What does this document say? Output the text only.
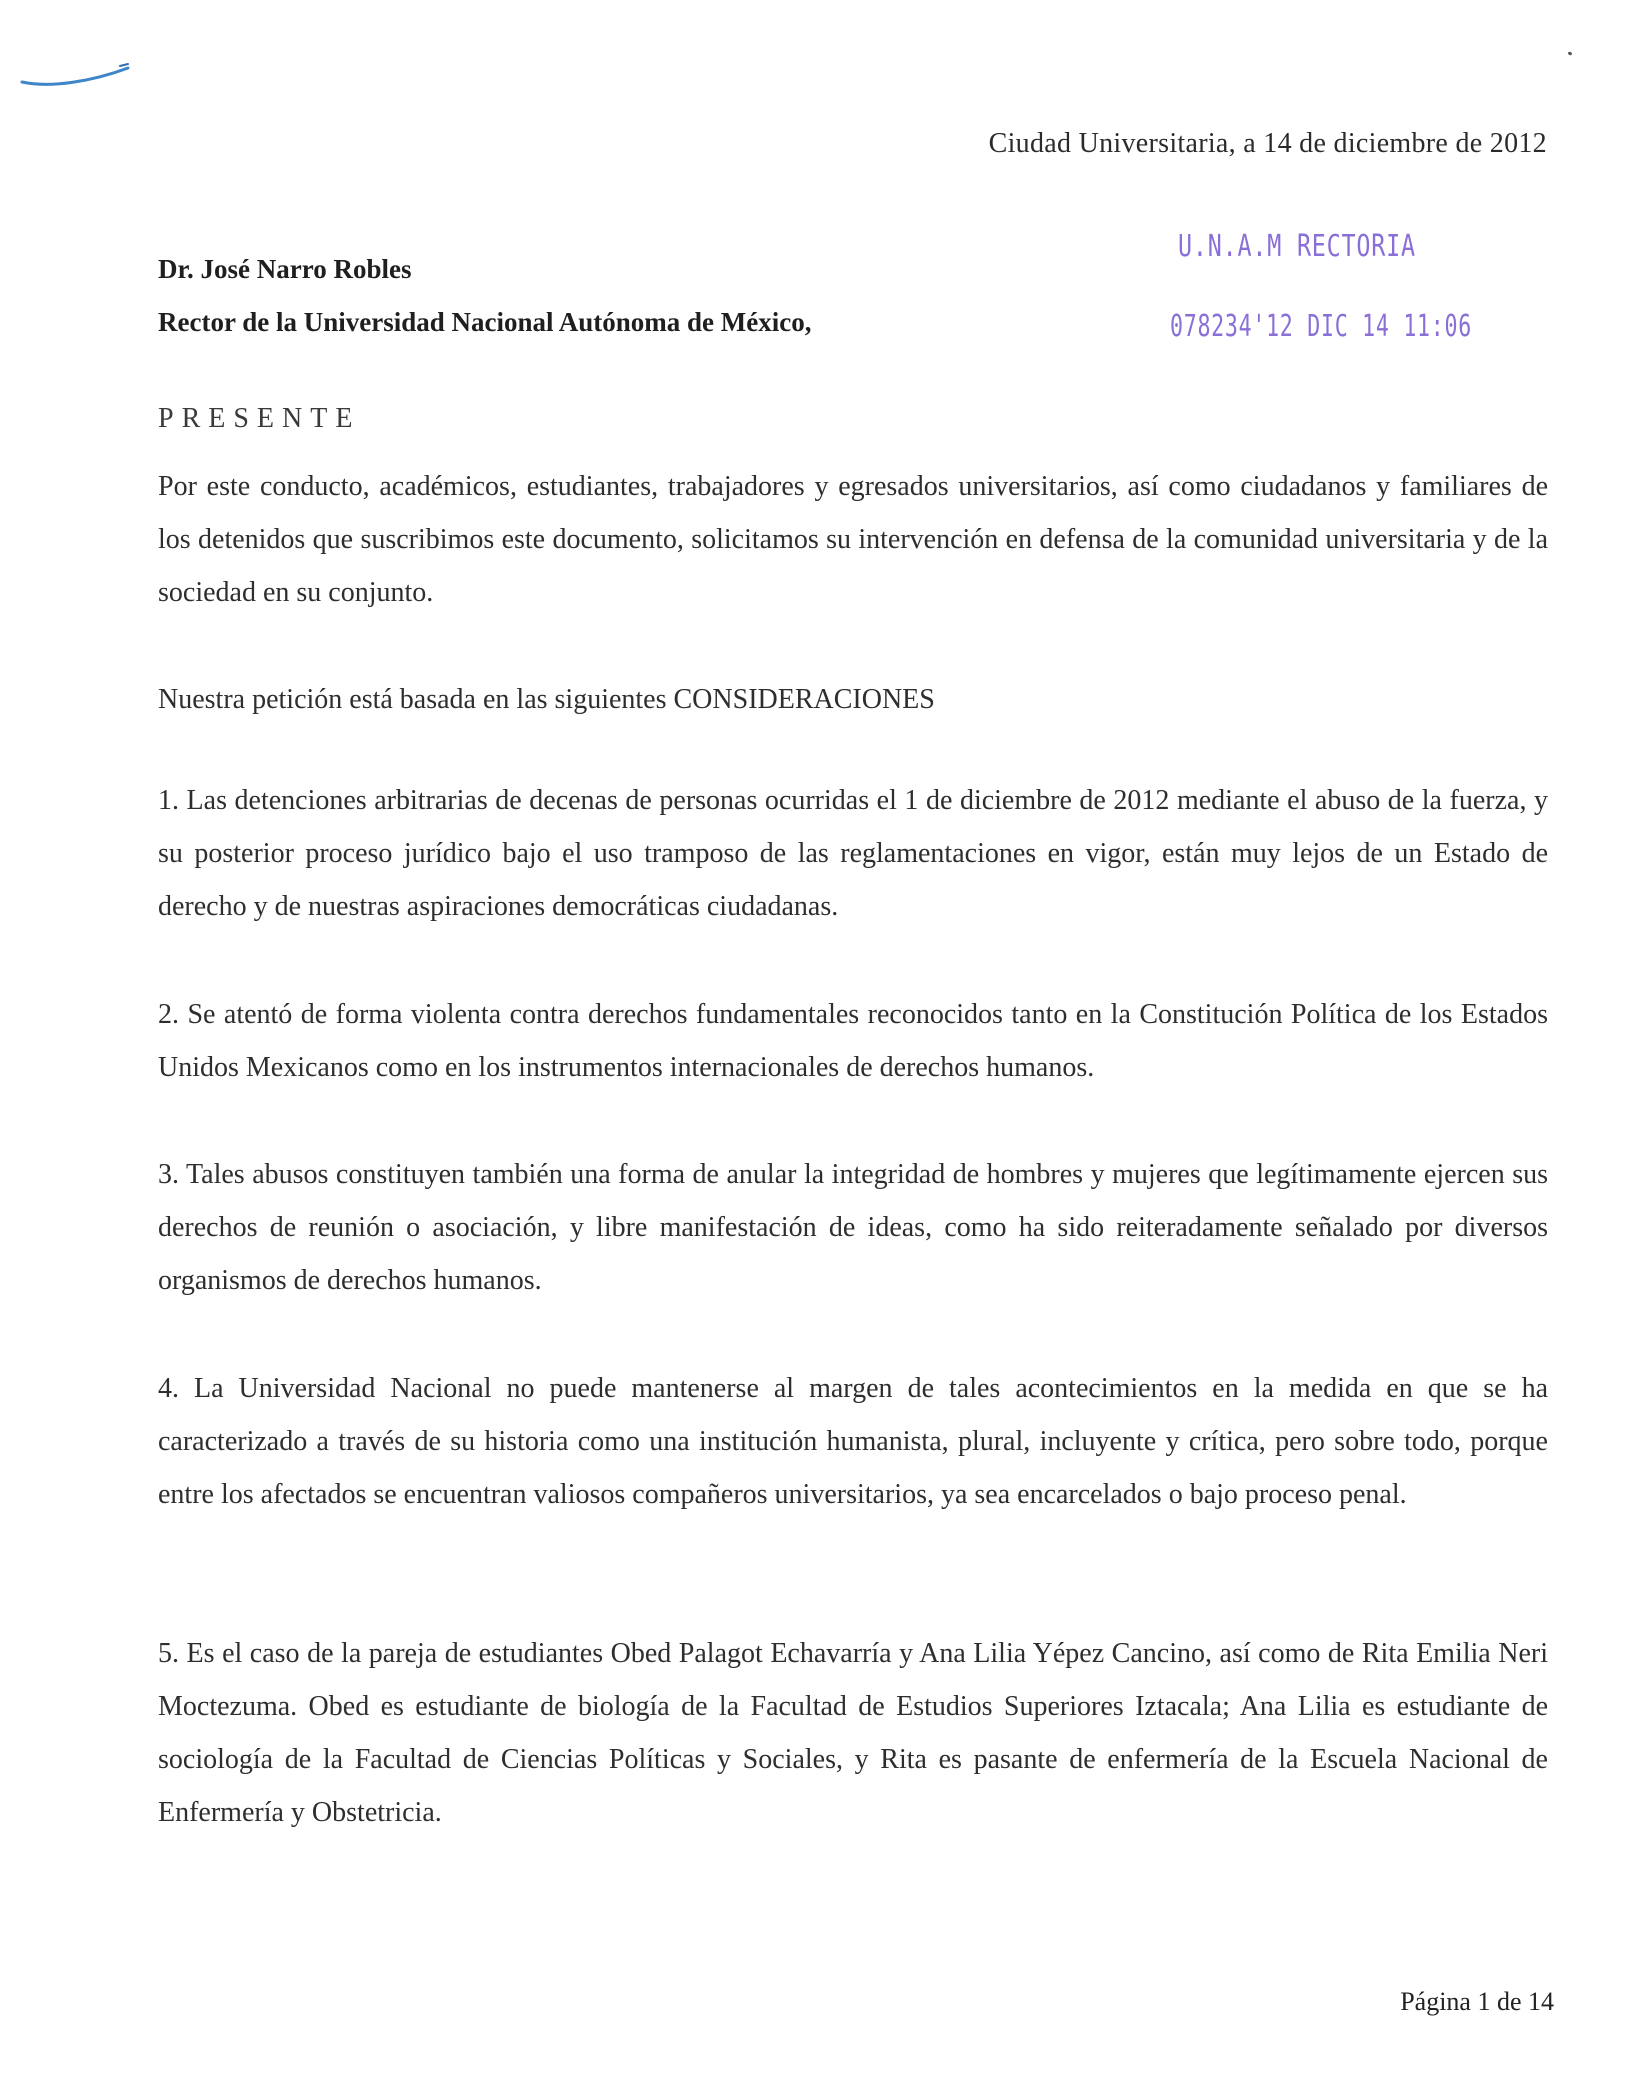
Ciudad Universitaria, a 14 de diciembre de 2012
Dr. José Narro Robles
Rector de la Universidad Nacional Autónoma de México,
U.N.A.M RECTORIA
078234'12 DIC 14 11:06
PRESENTE
Por este conducto, académicos, estudiantes, trabajadores y egresados universitarios, así como ciudadanos y familiares de los detenidos que suscribimos este documento, solicitamos su intervención en defensa de la comunidad universitaria y de la sociedad en su conjunto.
Nuestra petición está basada en las siguientes CONSIDERACIONES
1. Las detenciones arbitrarias de decenas de personas ocurridas el 1 de diciembre de 2012 mediante el abuso de la fuerza, y su posterior proceso jurídico bajo el uso tramposo de las reglamentaciones en vigor, están muy lejos de un Estado de derecho y de nuestras aspiraciones democráticas ciudadanas.
2. Se atentó de forma violenta contra derechos fundamentales reconocidos tanto en la Constitución Política de los Estados Unidos Mexicanos como en los instrumentos internacionales de derechos humanos.
3. Tales abusos constituyen también una forma de anular la integridad de hombres y mujeres que legítimamente ejercen sus derechos de reunión o asociación, y libre manifestación de ideas, como ha sido reiteradamente señalado por diversos organismos de derechos humanos.
4. La Universidad Nacional no puede mantenerse al margen de tales acontecimientos en la medida en que se ha caracterizado a través de su historia como una institución humanista, plural, incluyente y crítica, pero sobre todo, porque entre los afectados se encuentran valiosos compañeros universitarios, ya sea encarcelados o bajo proceso penal.
5. Es el caso de la pareja de estudiantes Obed Palagot Echavarría y Ana Lilia Yépez Cancino, así como de Rita Emilia Neri Moctezuma. Obed es estudiante de biología de la Facultad de Estudios Superiores Iztacala; Ana Lilia es estudiante de sociología de la Facultad de Ciencias Políticas y Sociales, y Rita es pasante de enfermería de la Escuela Nacional de Enfermería y Obstetricia.
Página 1 de 14
